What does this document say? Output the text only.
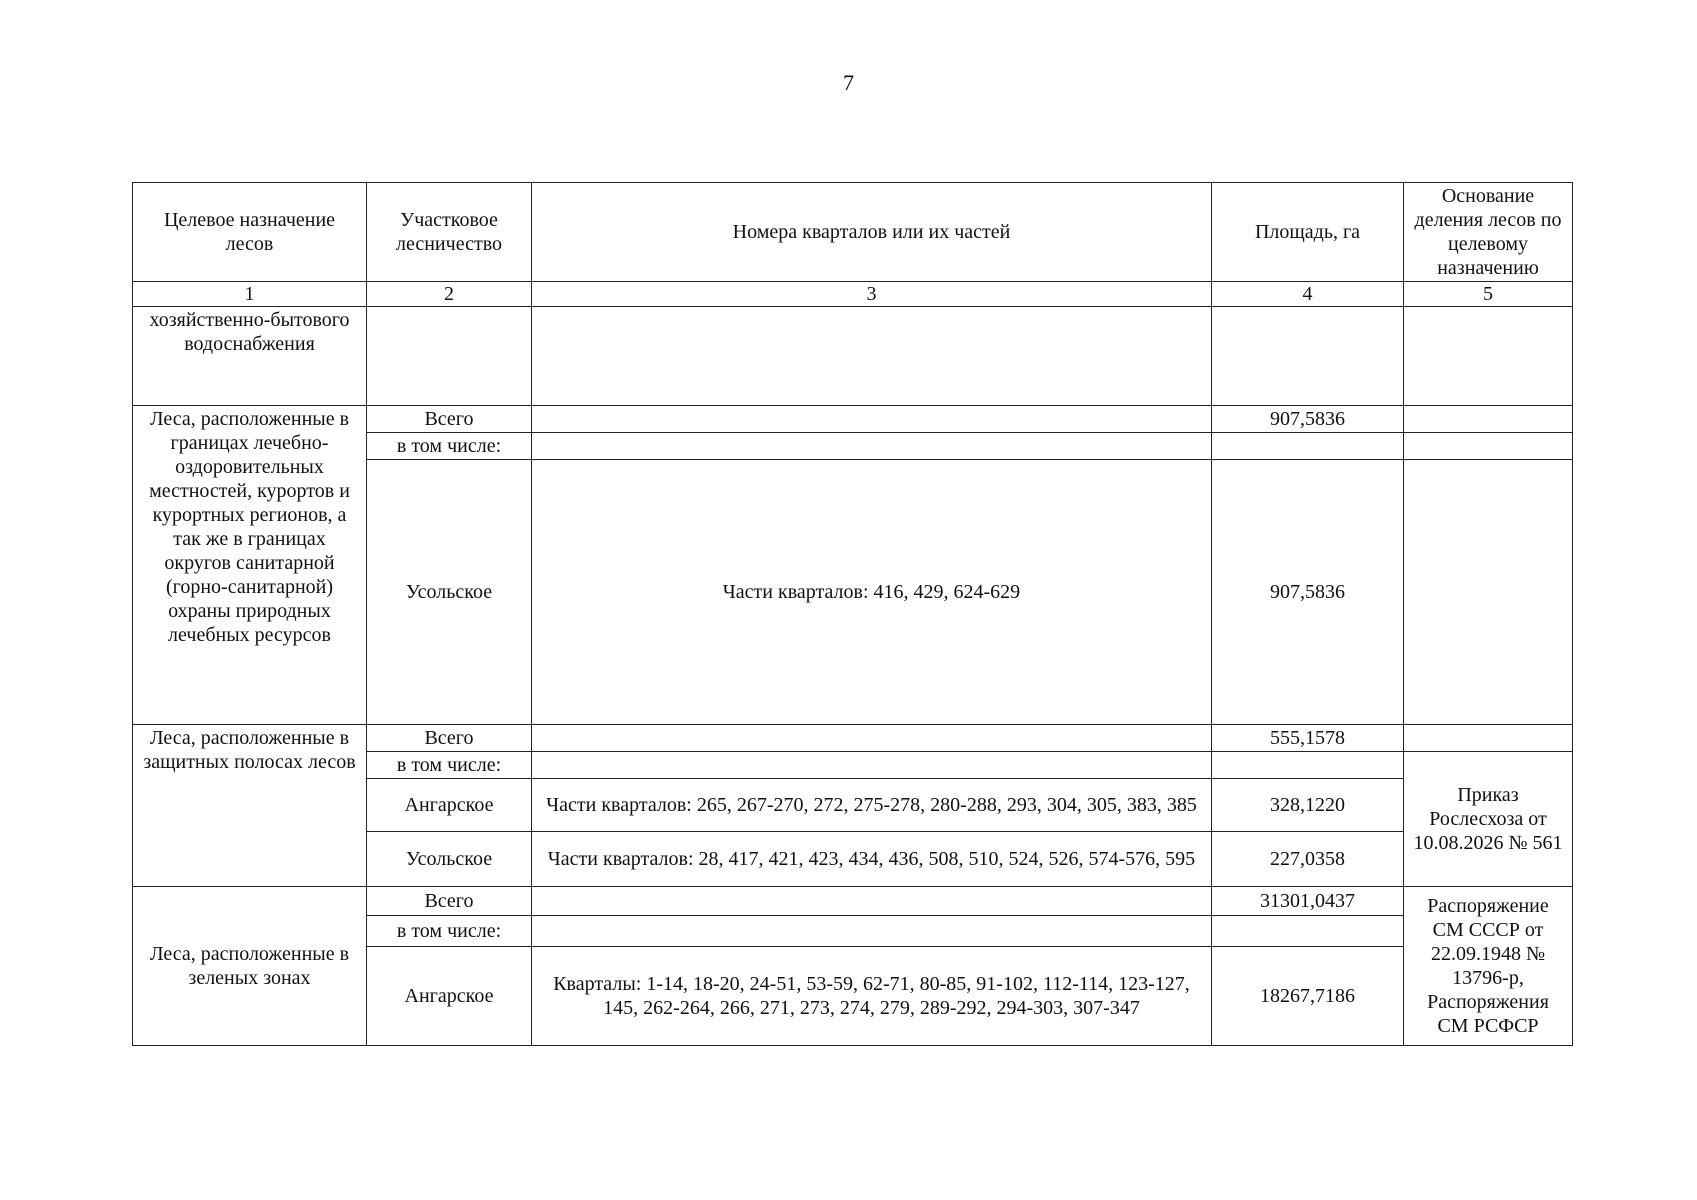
7
Целевое назначение лесов	Участковое лесничество	Номера кварталов или их частей	Площадь, га	Основание деления лесов по целевому назначению
1	2	3	4	5
хозяйственно-бытового водоснабжения				
Леса, расположенные в границах лечебно-оздоровительных местностей, курортов и курортных регионов, а так же в границах округов санитарной (горно-санитарной) охраны природных лечебных ресурсов	Всего		907,5836	
	в том числе:			
	Усольское	Части кварталов: 416, 429, 624-629	907,5836	
Леса, расположенные в защитных полосах лесов	Всего		555,1578	
	в том числе:			Приказ Рослесхоза от 10.08.2026 № 561
	Ангарское	Части кварталов: 265, 267-270, 272, 275-278, 280-288, 293, 304, 305, 383, 385	328,1220	
	Усольское	Части кварталов: 28, 417, 421, 423, 434, 436, 508, 510, 524, 526, 574-576, 595	227,0358	
Леса, расположенные в зеленых зонах	Всего		31301,0437	Распоряжение СМ СССР от 22.09.1948 № 13796-р, Распоряжения СМ РСФСР
	в том числе:			
	Ангарское	Кварталы: 1-14, 18-20, 24-51, 53-59, 62-71, 80-85, 91-102, 112-114, 123-127, 145, 262-264, 266, 271, 273, 274, 279, 289-292, 294-303, 307-347	18267,7186	
